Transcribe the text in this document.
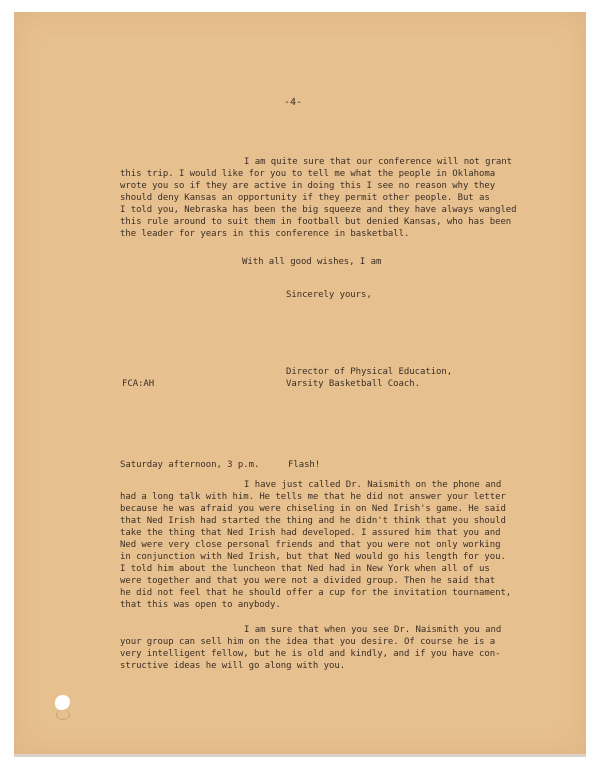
-4-

I am quite sure that our conference will not grant

this trip. I would like for you to tell me what the people in Oklahoma

wrote you so if they are active in doing this I see no reason why they

should deny Kansas an opportunity if they permit other people. But as

I told you, Nebraska has been the big squeeze and they have always wangled

this rule around to suit them in football but denied Kansas, who has been

the leader for years in this conference in basketball.

With all good wishes, I am

Sincerely yours,

Director of Physical Education,

FCA:AH	Varsity Basketball Coach.

Saturday afternoon, 3 p.m.	Flash!

I have just called Dr. Naismith on the phone and

had a long talk with him. He tells me that he did not answer your letter

because he was afraid you were chiseling in on Ned Irish's game. He said

that Ned Irish had started the thing and he didn't think that you should

take the thing that Ned Irish had developed. I assured him that you and

Ned were very close personal friends and that you were not only working

in conjunction with Ned Irish, but that Ned would go his length for you.

I told him about the luncheon that Ned had in New York when all of us

were together and that you were not a divided group. Then he said that

he did not feel that he should offer a cup for the invitation tournament,

that this was open to anybody.

I am sure that when you see Dr. Naismith you and

your group can sell him on the idea that you desire. Of course he is a

very intelligent fellow, but he is old and kindly, and if you have con-

structive ideas he will go along with you.
